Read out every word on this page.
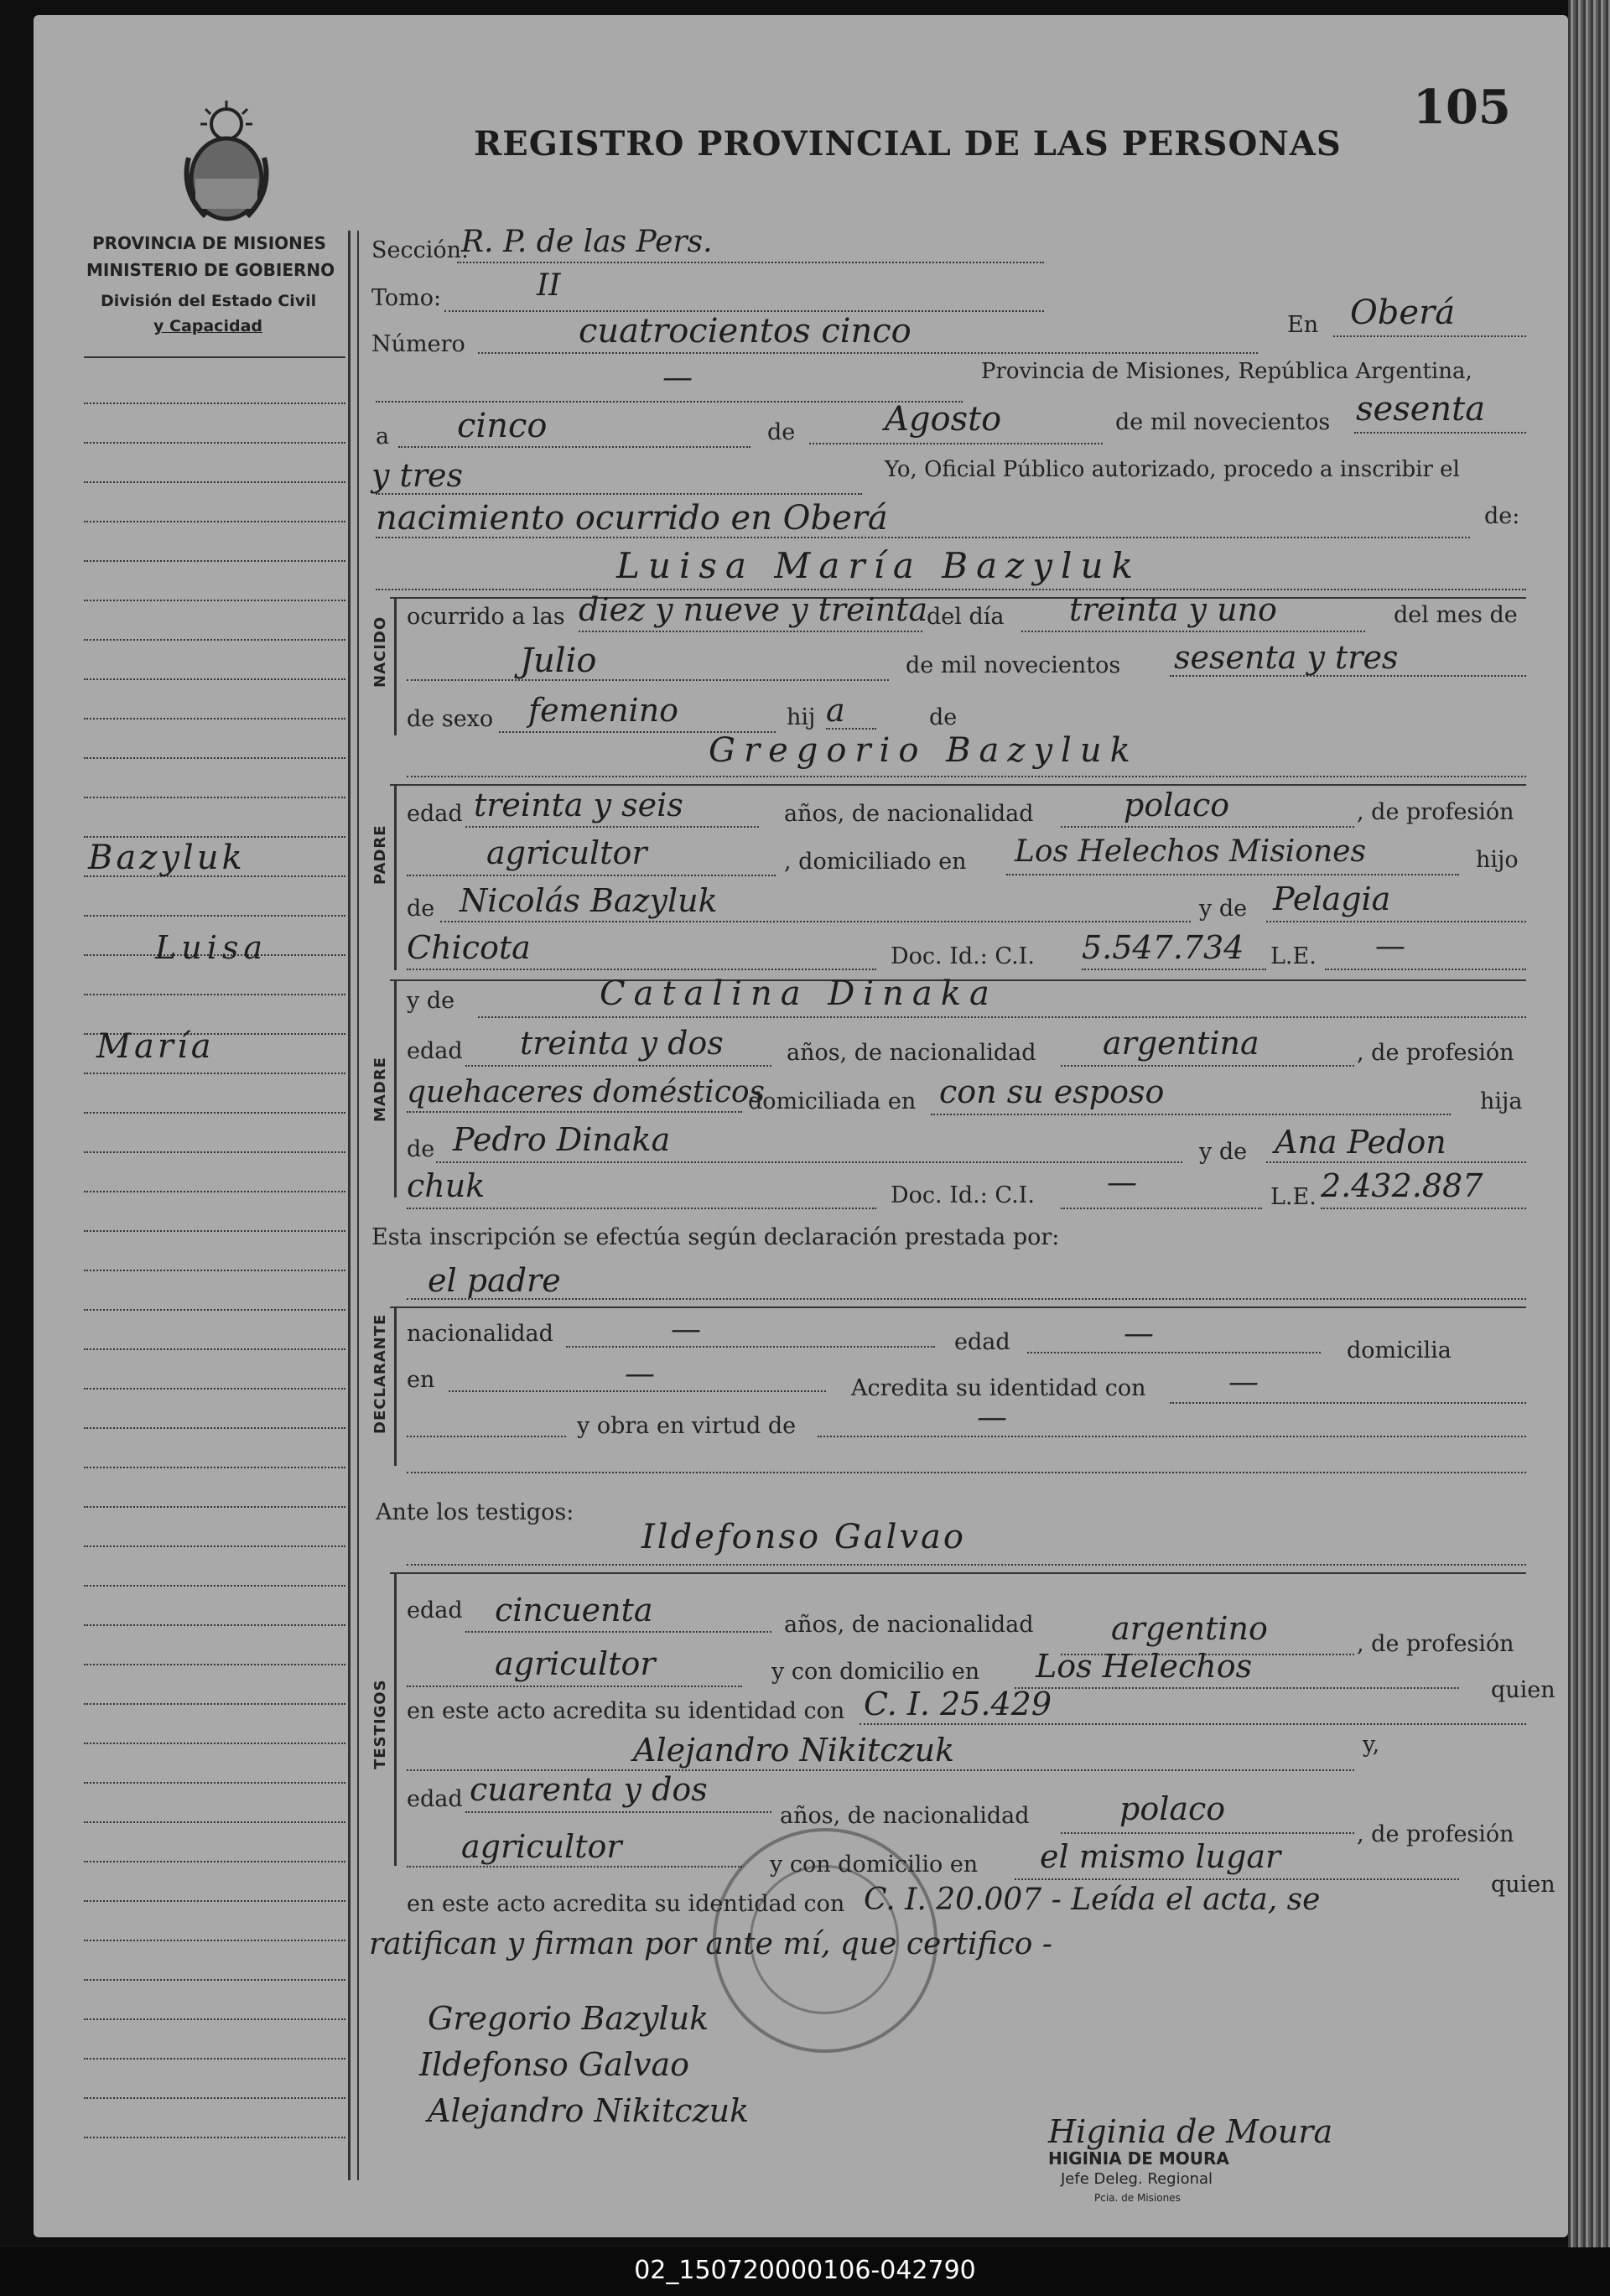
REGISTRO PROVINCIAL DE LAS PERSONAS
105
PROVINCIA DE MISIONES
MINISTERIO DE GOBIERNO
División del Estado Civil
y Capacidad
Bazyluk
Luisa
María
Sección:
R. P. de las Pers.
Tomo:	II
Número	cuatrocientos cinco	En Oberá
—	Provincia de Misiones, República Argentina,
a cinco	de	Agosto	de mil novecientos sesenta
y tres	Yo, Oficial Público autorizado, procedo a inscribir el
nacimiento ocurrido en Oberá	de:
Luisa María Bazyluk
NACIDO ocurrido a las diez y nueve y treinta
del día treinta y uno	del mes de
Julio	de mil novecientos sesenta y tres
de sexo femenino	hij a	de
Gregorio Bazyluk
PADRE
edad treinta y seis	años, de nacionalidad	polaco	, de profesión
agricultor	, domiciliado en Los Helechos Misiones	hijo
de Nicolás Bazyluk	y de Pelagia
Chicota	Doc. Id.: C.I. 5.547.734 L.E. —
MADRE
y de	Catalina Dinaka
edad treinta y dos	años, de nacionalidad argentina	, de profesión
quehaceres domésticos
domiciliada en con su esposo	hija
de Pedro Dinaka	y de Ana Pedon
chuk	Doc. Id.: C.I. —	L.E. 2.432.887
Esta inscripción se efectúa según declaración prestada por:
el padre
DECLARANTE nacionalidad	—	edad	—	domicilia
en	—	Acredita su identidad con	—
y obra en virtud de	—
Ante los testigos:
Ildefonso Galvao
TESTIGOS
edad cincuenta	años, de nacionalidad argentino	, de profesión
agricultor	y con domicilio en Los Helechos
quien
en este acto acredita su identidad con C. I. 25.429
Alejandro Nikitczuk	y,
edad cuarenta y dos
años, de nacionalidad	polaco
, de profesión
agricultor	y con domicilio en el mismo lugar
quien
en este acto acredita su identidad con C. I. 20.007 - Leída el acta, se
ratifican y firman por ante mí, que certifico -
Gregorio Bazyluk
Ildefonso Galvao
Alejandro Nikitczuk
Higinia de Moura
HIGINIA DE MOURA
Jefe Deleg. Regional
Pcia. de Misiones
02_150720000106-042790
